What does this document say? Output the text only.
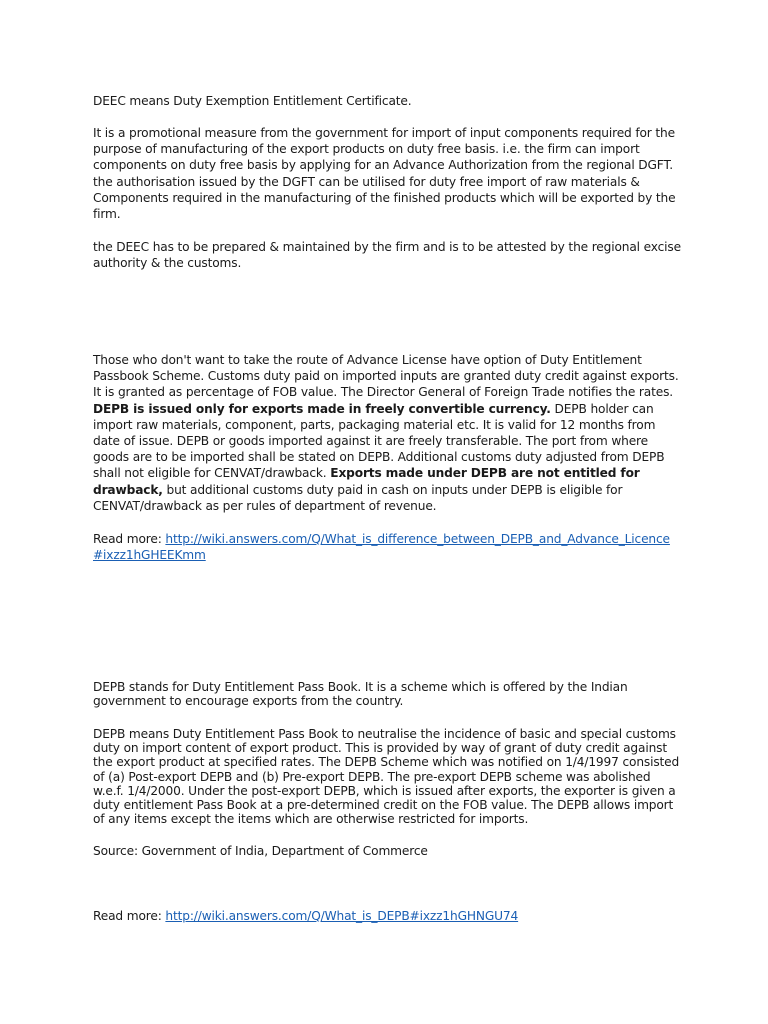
DEEC means Duty Exemption Entitlement Certificate.

It is a promotional measure from the government for import of input components required for the purpose of manufacturing of the export products on duty free basis. i.e. the firm can import components on duty free basis by applying for an Advance Authorization from the regional DGFT. the authorisation issued by the DGFT can be utilised for duty free import of raw materials & Components required in the manufacturing of the finished products which will be exported by the firm.

the DEEC has to be prepared & maintained by the firm and is to be attested by the regional excise authority & the customs.

Those who don't want to take the route of Advance License have option of Duty Entitlement Passbook Scheme. Customs duty paid on imported inputs are granted duty credit against exports. It is granted as percentage of FOB value. The Director General of Foreign Trade notifies the rates. DEPB is issued only for exports made in freely convertible currency. DEPB holder can import raw materials, component, parts, packaging material etc. It is valid for 12 months from date of issue. DEPB or goods imported against it are freely transferable. The port from where goods are to be imported shall be stated on DEPB. Additional customs duty adjusted from DEPB shall not eligible for CENVAT/drawback. Exports made under DEPB are not entitled for drawback, but additional customs duty paid in cash on inputs under DEPB is eligible for CENVAT/drawback as per rules of department of revenue.

Read more: http://wiki.answers.com/Q/What_is_difference_between_DEPB_and_Advance_Licence#ixzz1hGHEEKmm

DEPB stands for Duty Entitlement Pass Book. It is a scheme which is offered by the Indian government to encourage exports from the country.

DEPB means Duty Entitlement Pass Book to neutralise the incidence of basic and special customs duty on import content of export product. This is provided by way of grant of duty credit against the export product at specified rates. The DEPB Scheme which was notified on 1/4/1997 consisted of (a) Post-export DEPB and (b) Pre-export DEPB. The pre-export DEPB scheme was abolished w.e.f. 1/4/2000. Under the post-export DEPB, which is issued after exports, the exporter is given a duty entitlement Pass Book at a pre-determined credit on the FOB value. The DEPB allows import of any items except the items which are otherwise restricted for imports.

Source: Government of India, Department of Commerce

Read more: http://wiki.answers.com/Q/What_is_DEPB#ixzz1hGHNGU74
